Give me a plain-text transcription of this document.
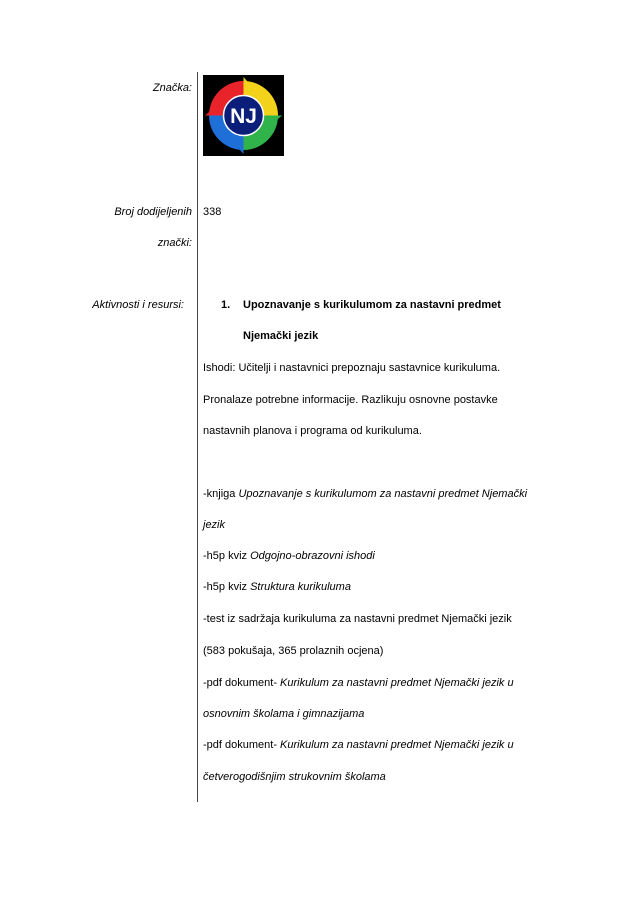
Značka:
Broj dodijeljenih
znački:
Aktivnosti i resursi:
NJ
338
1. Upoznavanje s kurikulumom za nastavni predmet
Njemački jezik
Ishodi: Učitelji i nastavnici prepoznaju sastavnice kurikuluma.
Pronalaze potrebne informacije. Razlikuju osnovne postavke
nastavnih planova i programa od kurikuluma.
-knjiga Upoznavanje s kurikulumom za nastavni predmet Njemački
jezik
-h5p kviz Odgojno-obrazovni ishodi
-h5p kviz Struktura kurikuluma
-test iz sadržaja kurikuluma za nastavni predmet Njemački jezik
(583 pokušaja, 365 prolaznih ocjena)
-pdf dokument- Kurikulum za nastavni predmet Njemački jezik u
osnovnim školama i gimnazijama
-pdf dokument- Kurikulum za nastavni predmet Njemački jezik u
četverogodišnjim strukovnim školama
